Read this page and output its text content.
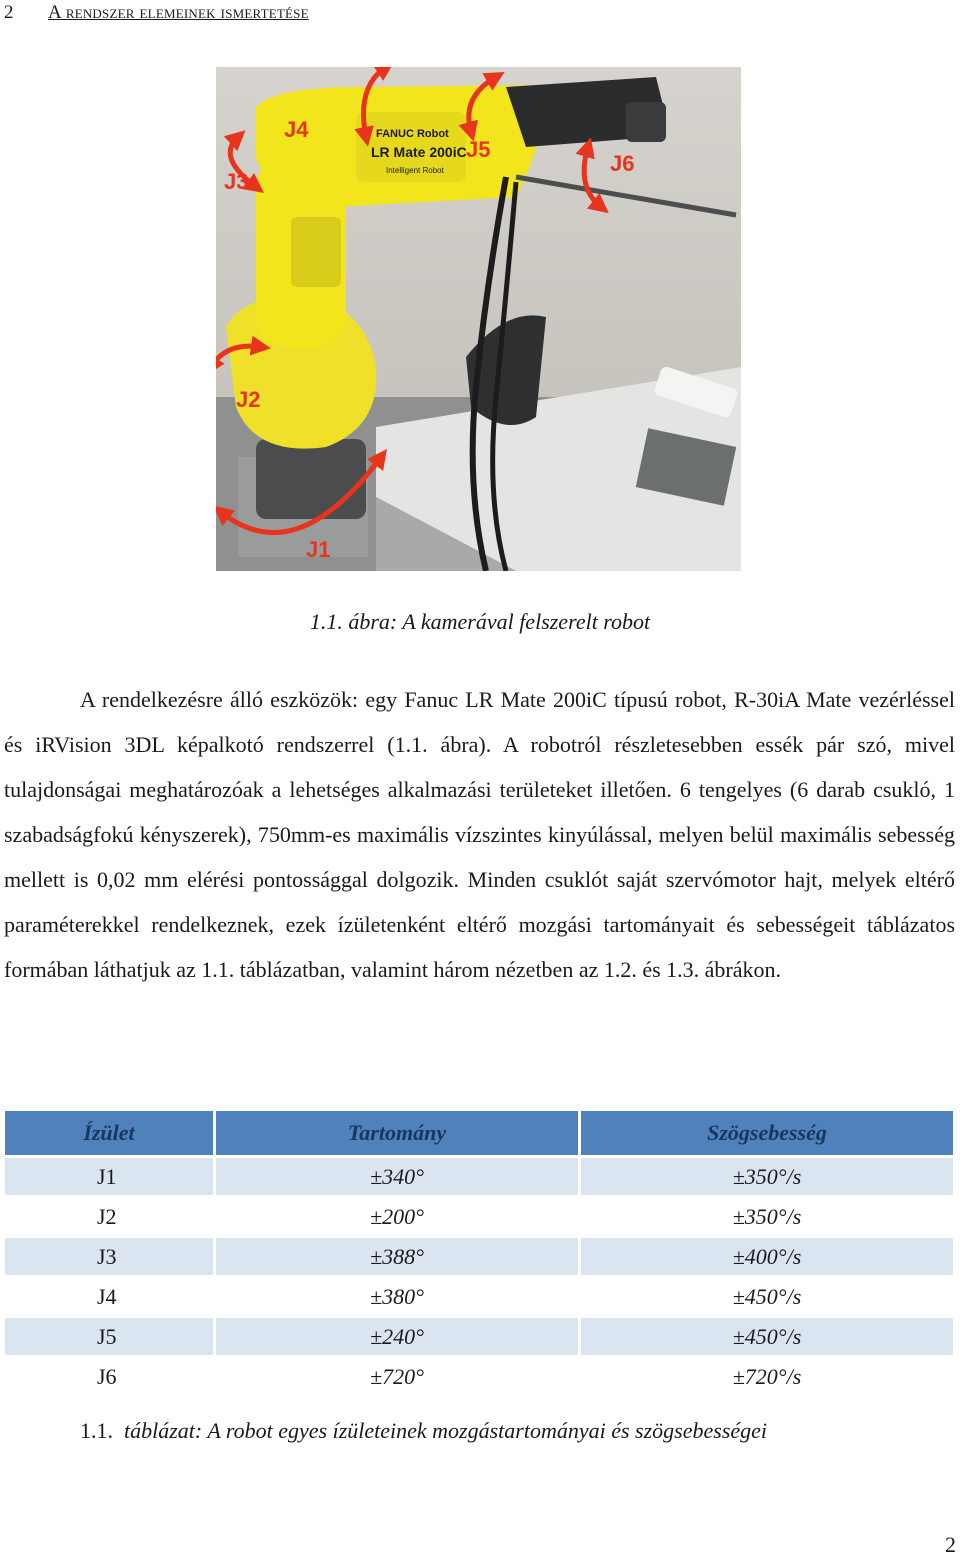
2 A rendszer elemeinek ismertetése
FANUC Robot
LR Mate 200iC
Intelligent Robot
J1
J2
J3
J4
J5
J6
1.1. ábra: A kamerával felszerelt robot

A rendelkezésre álló eszközök: egy Fanuc LR Mate 200iC típusú robot, R-30iA Mate vezérléssel és iRVision 3DL képalkotó rendszerrel (1.1. ábra). A robotról részletesebben essék pár szó, mivel tulajdonságai meghatározóak a lehetséges alkalmazási területeket illetően. 6 tengelyes (6 darab csukló, 1 szabadságfokú kényszerek), 750mm-es maximális vízszintes kinyúlással, melyen belül maximális sebesség mellett is 0,02 mm elérési pontossággal dolgozik. Minden csuklót saját szervómotor hajt, melyek eltérő paraméterekkel rendelkeznek, ezek ízületenként eltérő mozgási tartományait és sebességeit táblázatos formában láthatjuk az 1.1. táblázatban, valamint három nézetben az 1.2. és 1.3. ábrákon.

Ízület	Tartomány	Szögsebesség
J1	±340°	±350°/s
J2	±200°	±350°/s
J3	±388°	±400°/s
J4	±380°	±450°/s
J5	±240°	±450°/s
J6	±720°	±720°/s
1.1. táblázat: A robot egyes ízületeinek mozgástartományai és szögsebességei
2
